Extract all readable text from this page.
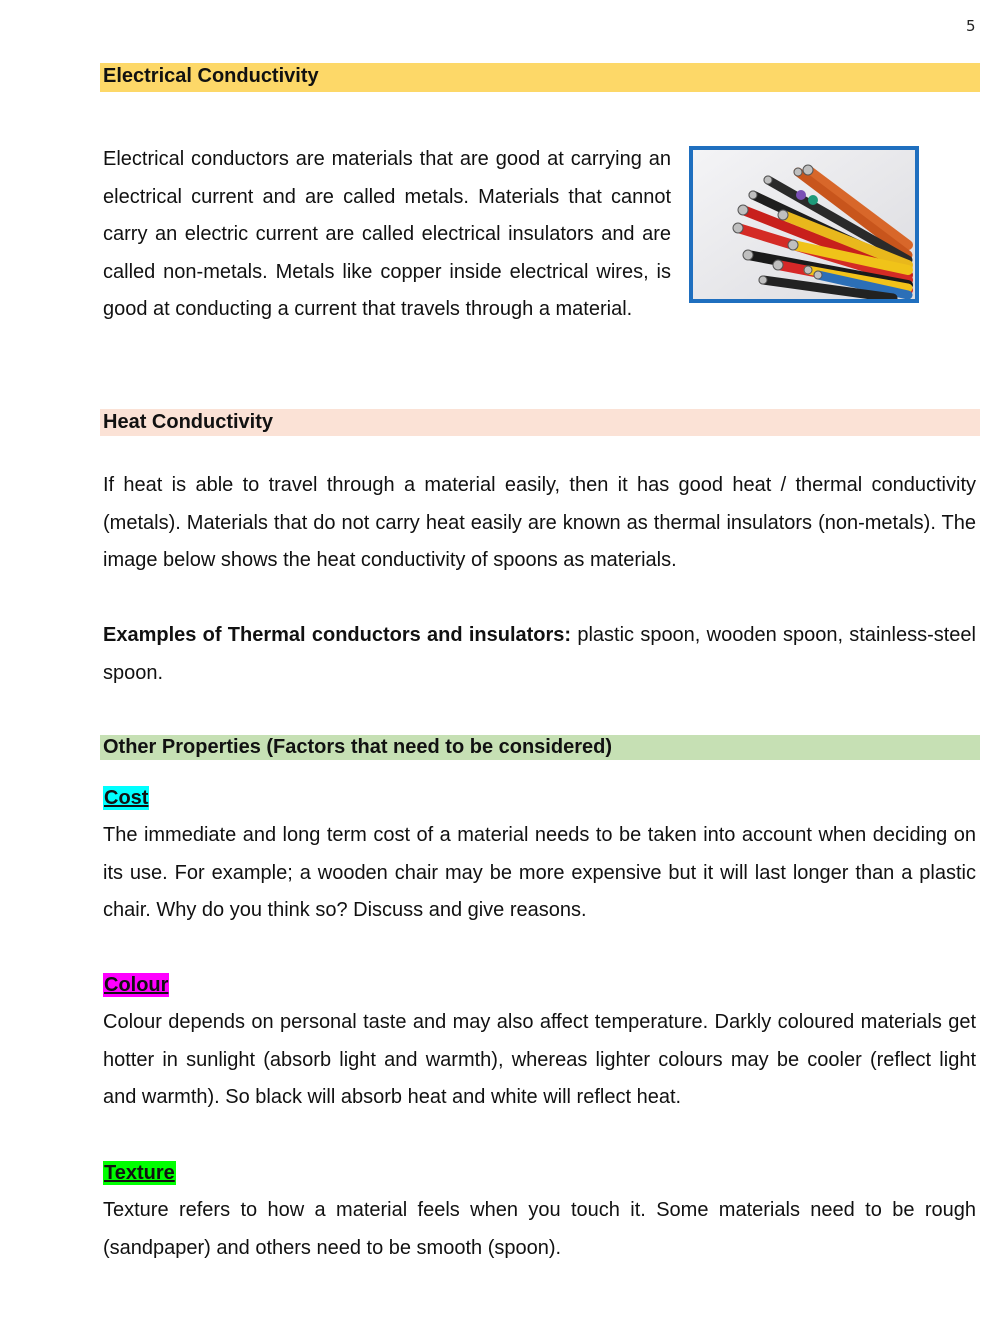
5
Electrical Conductivity
Electrical conductors are materials that are good at carrying an electrical current and are called metals. Materials that cannot carry an electric current are called electrical insulators and are called non-metals. Metals like copper inside electrical wires, is good at conducting a current that travels through a material.
Heat Conductivity
If heat is able to travel through a material easily, then it has good heat / thermal conductivity (metals). Materials that do not carry heat easily are known as thermal insulators (non-metals). The image below shows the heat conductivity of spoons as materials.
Examples of Thermal conductors and insulators: plastic spoon, wooden spoon, stainless-steel spoon.
Other Properties (Factors that need to be considered)
Cost
The immediate and long term cost of a material needs to be taken into account when deciding on its use. For example; a wooden chair may be more expensive but it will last longer than a plastic chair. Why do you think so? Discuss and give reasons.
Colour
Colour depends on personal taste and may also affect temperature. Darkly coloured materials get hotter in sunlight (absorb light and warmth), whereas lighter colours may be cooler (reflect light and warmth). So black will absorb heat and white will reflect heat.
Texture
Texture refers to how a material feels when you touch it. Some materials need to be rough (sandpaper) and others need to be smooth (spoon).
